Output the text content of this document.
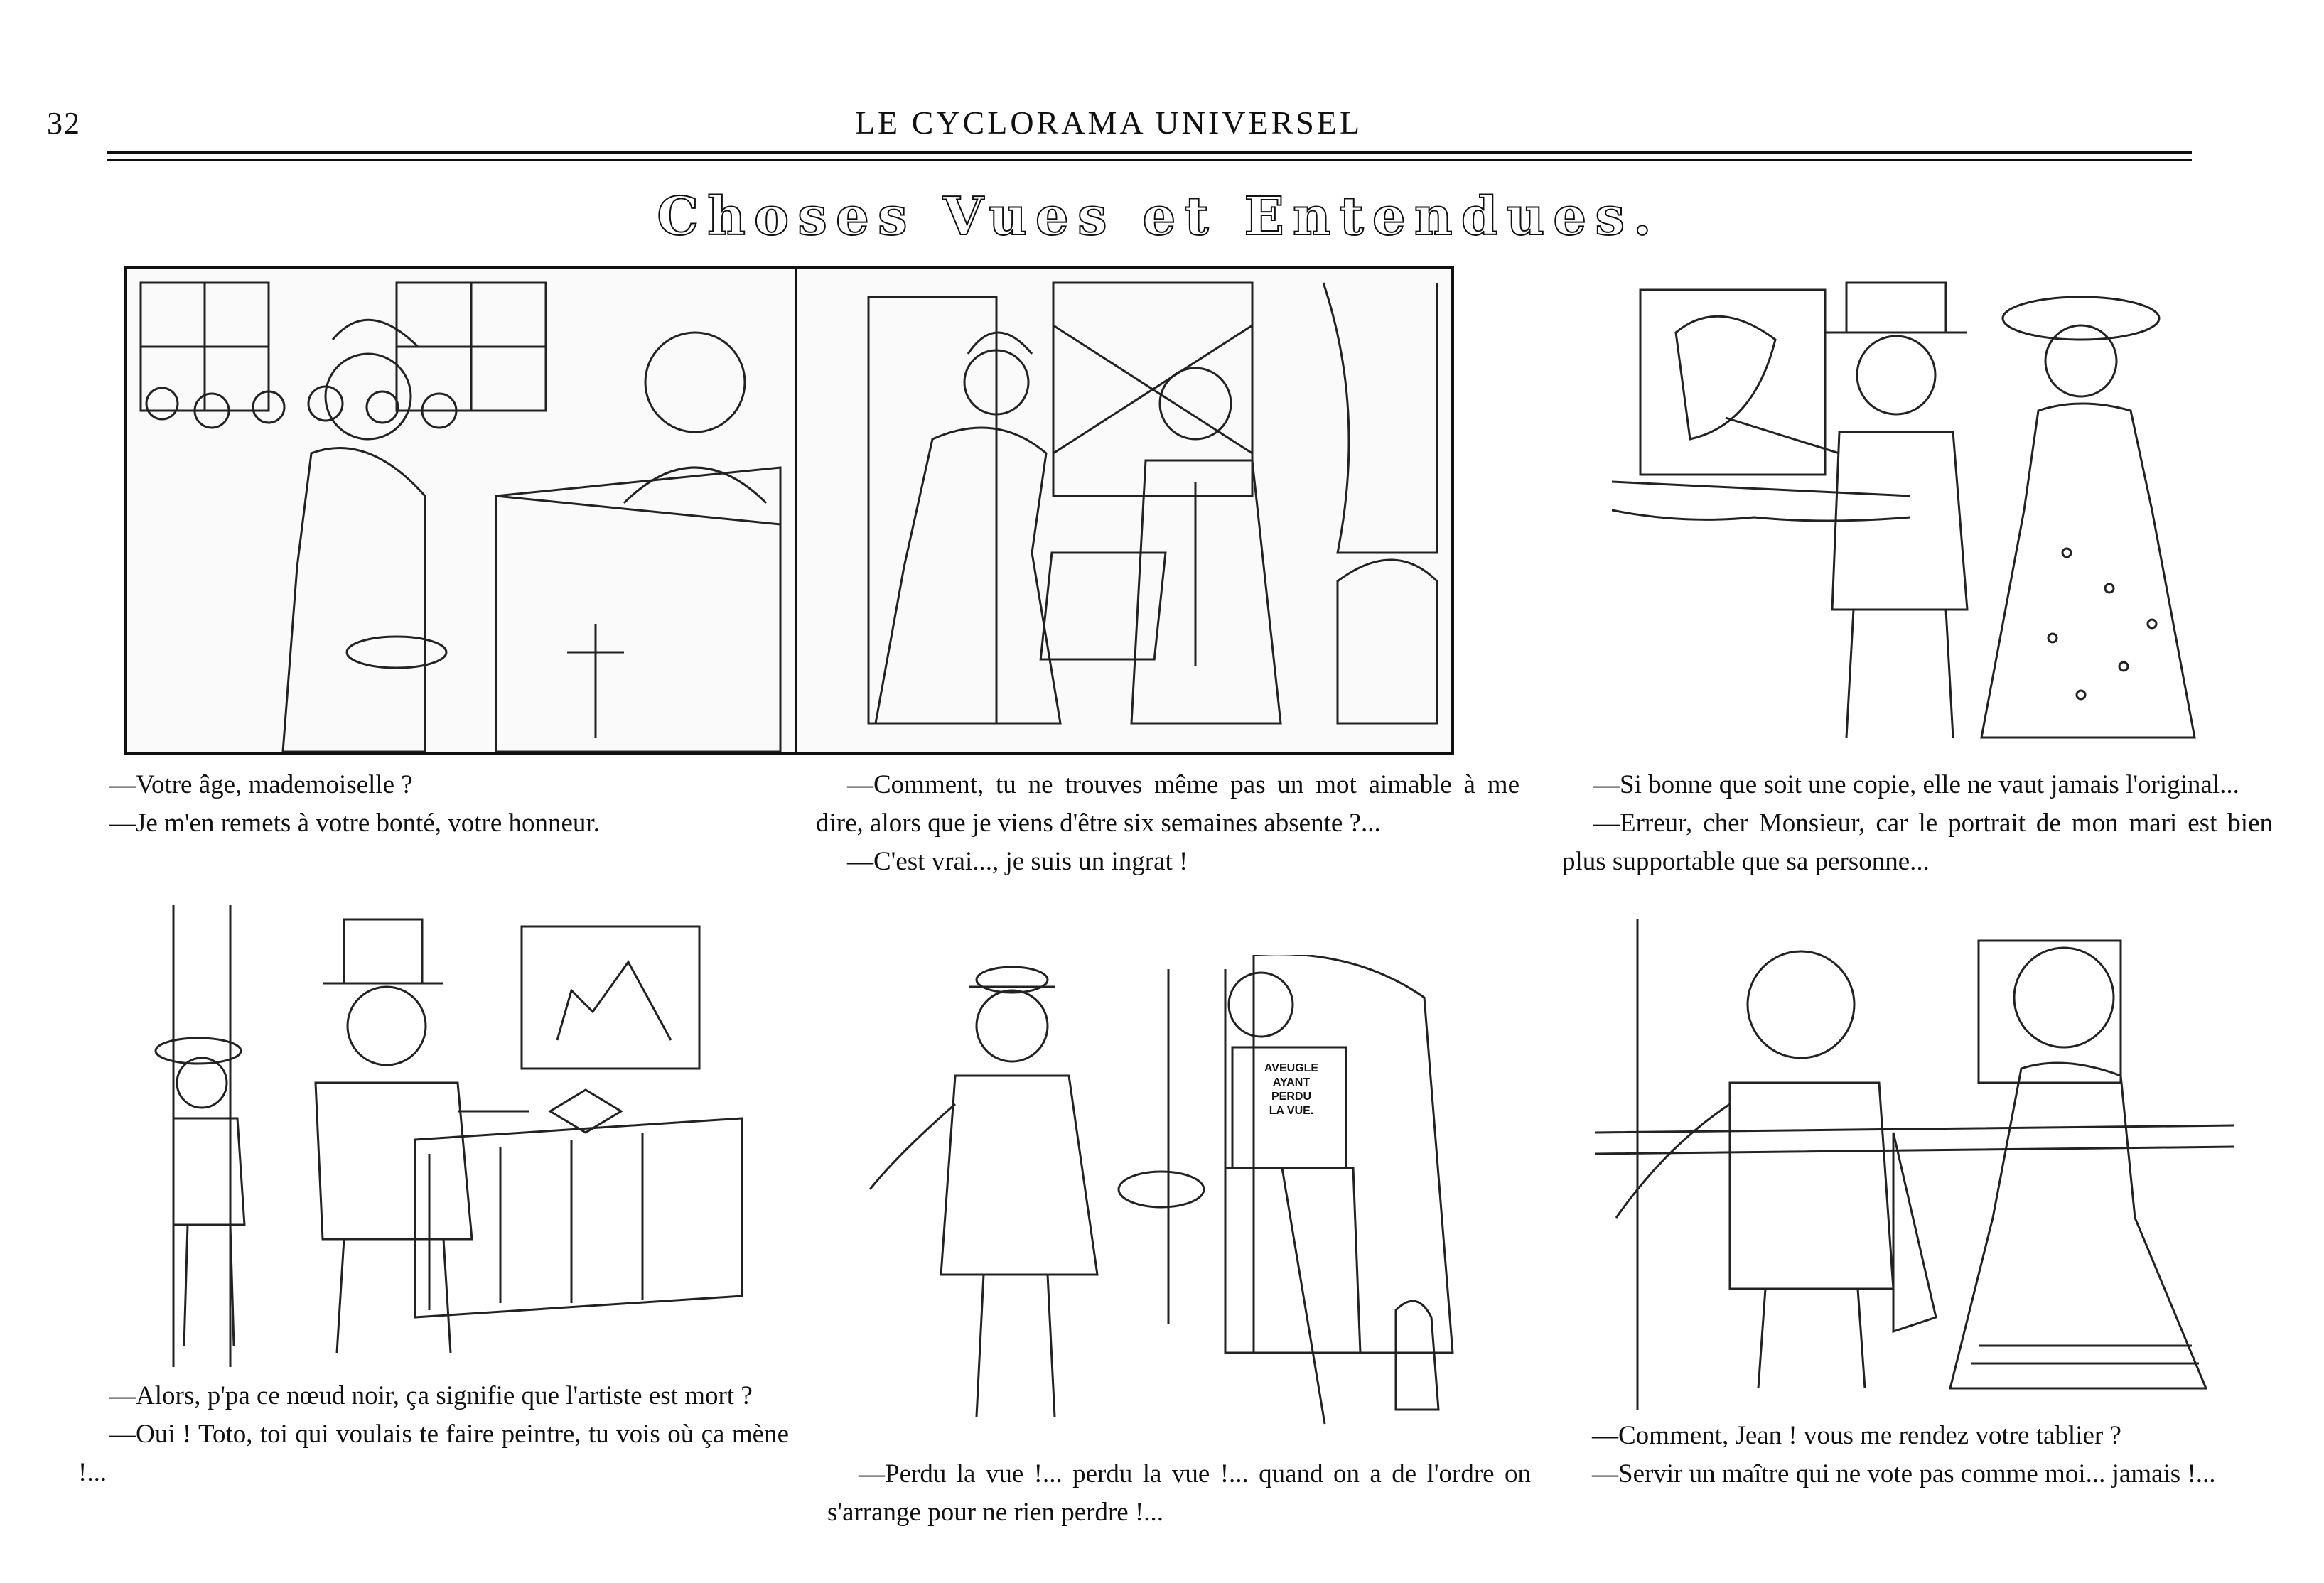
32	LE CYCLORAMA UNIVERSEL
Choses Vues et Entendues.

—Votre âge, mademoiselle ?

—Je m'en remets à votre bonté, votre honneur.

—Comment, tu ne trouves même pas un mot aimable à me dire, alors que je viens d'être six semaines absente ?...

—C'est vrai..., je suis un ingrat !

—Si bonne que soit une copie, elle ne vaut jamais l'original...

—Erreur, cher Monsieur, car le portrait de mon mari est bien plus supportable que sa personne...

AVEUGLE
AYANT
PERDU
LA VUE.

—Alors, p'pa ce nœud noir, ça signifie que l'artiste est mort ?

—Oui ! Toto, toi qui voulais te faire peintre, tu vois où ça mène !...	—Perdu la vue !... perdu la vue !... quand on a de l'ordre on s'arrange pour ne rien perdre !...

—Comment, Jean ! vous me rendez votre tablier ?

—Servir un maître qui ne vote pas comme moi... jamais !...
